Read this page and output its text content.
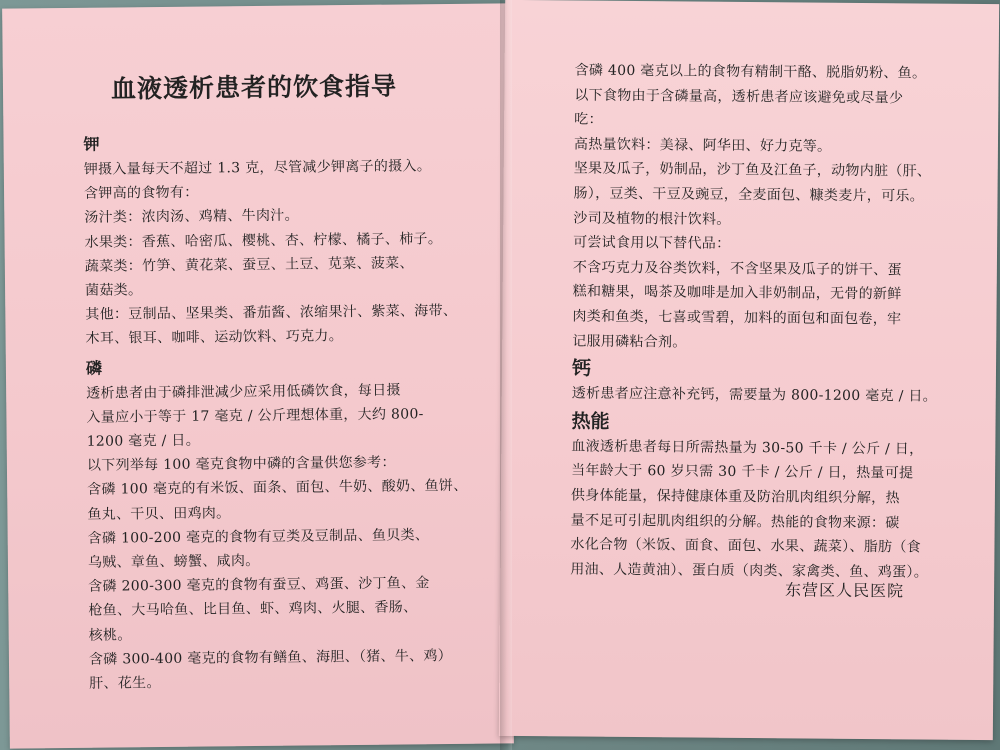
血液透析患者的饮食指导
钾
钾摄入量每天不超过 1.3 克，尽管减少钾离子的摄入。
含钾高的食物有：
汤汁类：浓肉汤、鸡精、牛肉汁。
水果类：香蕉、哈密瓜、樱桃、杏、柠檬、橘子、柿子。
蔬菜类：竹笋、黄花菜、蚕豆、土豆、苋菜、菠菜、
菌菇类。
其他：豆制品、坚果类、番茄酱、浓缩果汁、紫菜、海带、
木耳、银耳、咖啡、运动饮料、巧克力。
磷
透析患者由于磷排泄减少应采用低磷饮食，每日摄
入量应小于等于 17 毫克 / 公斤理想体重，大约 800-
1200 毫克 / 日。
以下列举每 100 毫克食物中磷的含量供您参考：
含磷 100 毫克的有米饭、面条、面包、牛奶、酸奶、鱼饼、
鱼丸、干贝、田鸡肉。
含磷 100-200 毫克的食物有豆类及豆制品、鱼贝类、
乌贼、章鱼、螃蟹、咸肉。
含磷 200-300 毫克的食物有蚕豆、鸡蛋、沙丁鱼、金
枪鱼、大马哈鱼、比目鱼、虾、鸡肉、火腿、香肠、
核桃。
含磷 300-400 毫克的食物有鳝鱼、海胆、（猪、牛、鸡）
肝、花生。
含磷 400 毫克以上的食物有精制干酪、脱脂奶粉、鱼。
以下食物由于含磷量高，透析患者应该避免或尽量少
吃：
高热量饮料：美禄、阿华田、好力克等。
坚果及瓜子，奶制品，沙丁鱼及江鱼子，动物内脏（肝、
肠），豆类、干豆及豌豆，全麦面包、糠类麦片，可乐。
沙司及植物的根汁饮料。
可尝试食用以下替代品：
不含巧克力及谷类饮料，不含坚果及瓜子的饼干、蛋
糕和糖果，喝茶及咖啡是加入非奶制品，无骨的新鲜
肉类和鱼类，七喜或雪碧，加料的面包和面包卷，牢
记服用磷粘合剂。
钙
透析患者应注意补充钙，需要量为 800-1200 毫克 / 日。
热能
血液透析患者每日所需热量为 30-50 千卡 / 公斤 / 日，
当年龄大于 60 岁只需 30 千卡 / 公斤 / 日，热量可提
供身体能量，保持健康体重及防治肌肉组织分解，热
量不足可引起肌肉组织的分解。热能的食物来源：碳
水化合物（米饭、面食、面包、水果、蔬菜）、脂肪（食
用油、人造黄油）、蛋白质（肉类、家禽类、鱼、鸡蛋）。
东营区人民医院
